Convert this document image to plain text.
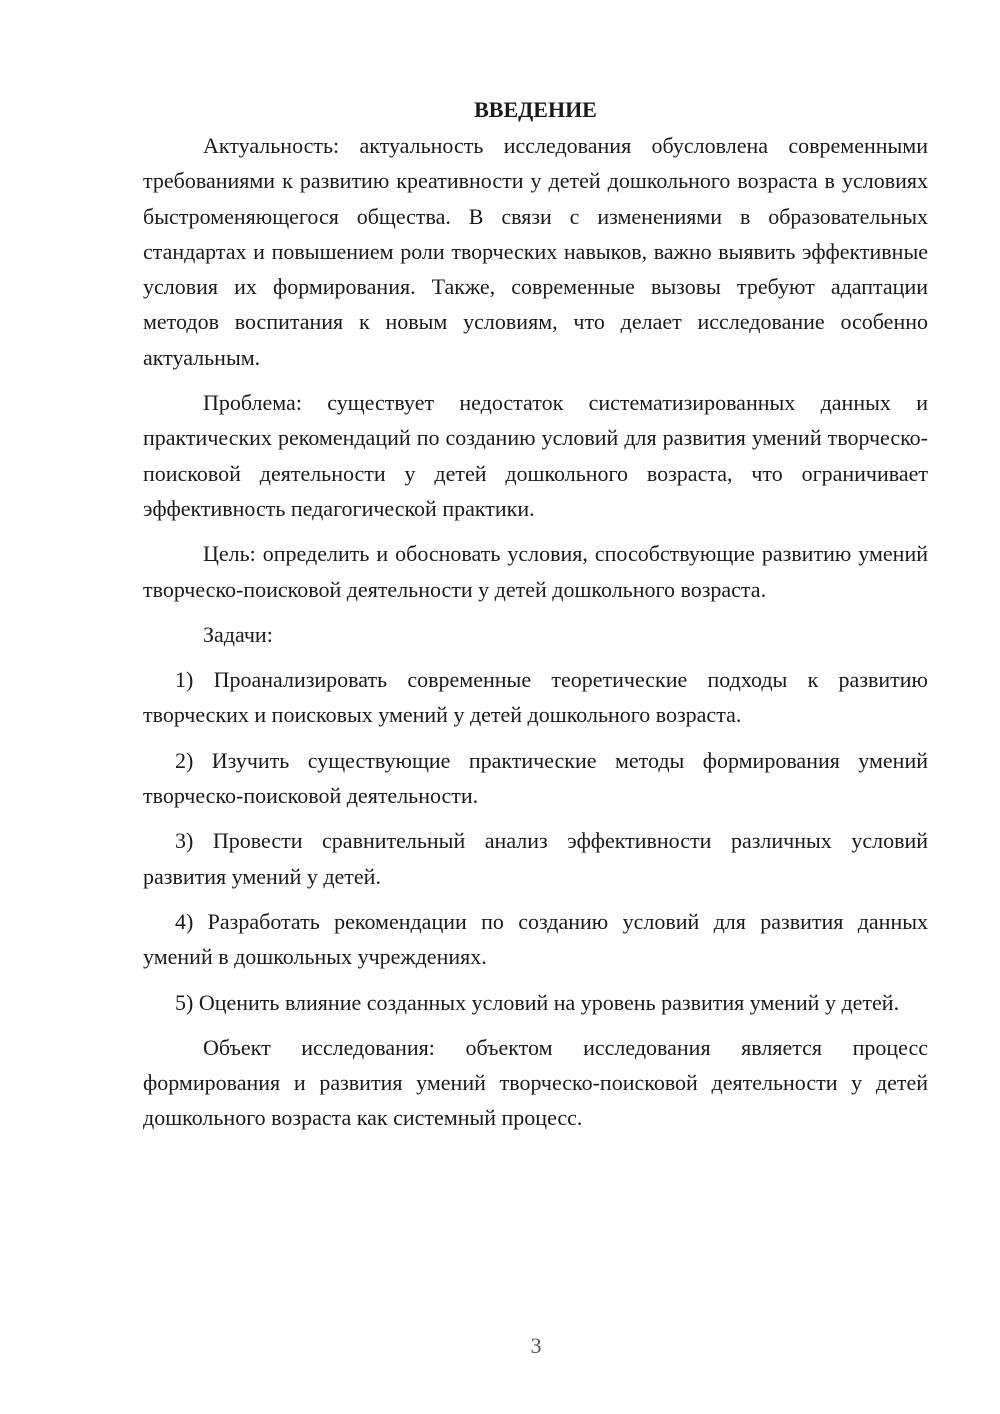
ВВЕДЕНИЕ

Актуальность: актуальность исследования обусловлена современными требованиями к развитию креативности у детей дошкольного возраста в условиях быстроменяющегося общества. В связи с изменениями в образовательных стандартах и повышением роли творческих навыков, важно выявить эффективные условия их формирования. Также, современные вызовы требуют адаптации методов воспитания к новым условиям, что делает исследование особенно актуальным.

Проблема: существует недостаток систематизированных данных и практических рекомендаций по созданию условий для развития умений творческо-поисковой деятельности у детей дошкольного возраста, что ограничивает эффективность педагогической практики.

Цель: определить и обосновать условия, способствующие развитию умений творческо-поисковой деятельности у детей дошкольного возраста.

Задачи:

1) Проанализировать современные теоретические подходы к развитию творческих и поисковых умений у детей дошкольного возраста.

2) Изучить существующие практические методы формирования умений творческо-поисковой деятельности.

3) Провести сравнительный анализ эффективности различных условий развития умений у детей.

4) Разработать рекомендации по созданию условий для развития данных умений в дошкольных учреждениях.

5) Оценить влияние созданных условий на уровень развития умений у детей.

Объект исследования: объектом исследования является процесс формирования и развития умений творческо-поисковой деятельности у детей дошкольного возраста как системный процесс.

3
